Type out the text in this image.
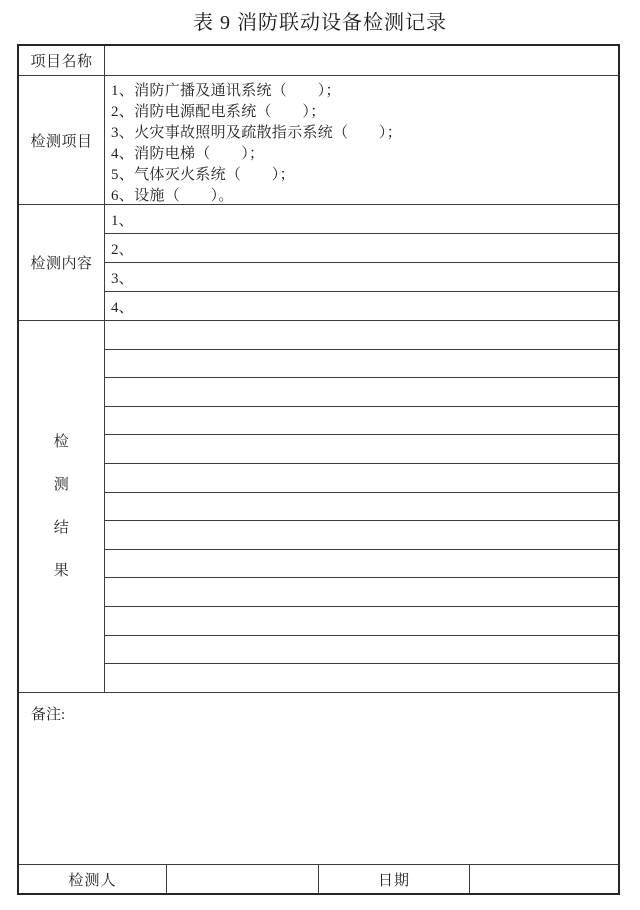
表 9 消防联动设备检测记录
项目名称
检测项目
1、消防广播及通讯系统（　　）；
2、消防电源配电系统（　　）；
3、火灾事故照明及疏散指示系统（　　）；
4、消防电梯（　　）；
5、气体灭火系统（　　）；
6、设施（　　）。
检测内容
1、
2、
3、
4、
检
测
结
果
备注:
检测人	日期
